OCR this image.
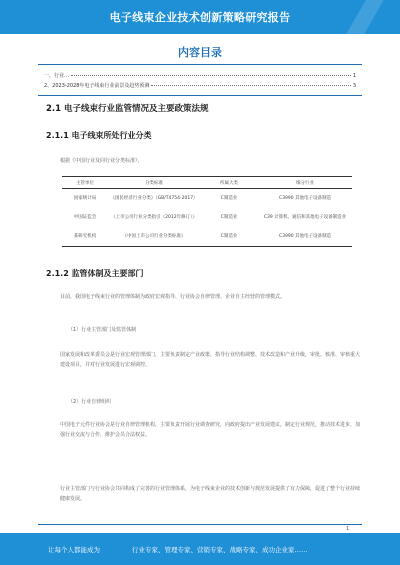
电子线束企业技术创新策略研究报告
内容目录
一、行业…	1
2、2023-2028年电子线束行业前景及趋势预测	3
2.1 电子线束行业监管情况及主要政策法规
2.1.1 电子线束所处行业分类
根据《中国行业及同行业分类标准》，
主管单位	分类标准	所属大类	细分行业
国家统计局	《国民经济行业分类》（GB/T4754-2017）	C制造业	C3990 其他电子设备制造
中国证监会	《上市公司行业分类指引（2012年修订）》	C制造业	C39 计算机、通信和其他电子设备制造业
某研究机构	《中国上市公司行业分类标准》	C制造业	C3990 其他电子设备制造
2.1.2 监管体制及主要部门
目前，我国电子线束行业的管理体制为政府宏观指导、行业协会自律管理、企业自主经营的管理模式。
（1）行业主管部门及监管体制
国家发展和改革委员会是行业宏观管理部门，主要负责制定产业政策，指导行业结构调整、技术改造和产业升级，审批、核准、审核重大建设项目，并对行业发展进行宏观调控。
（2）行业自律组织
中国电子元件行业协会是行业自律管理机构，主要负责开展行业调查研究，向政府提出产业发展建议，制定行业规范，推动技术进步，加强行业交流与合作，维护会员合法权益。
行业主管部门与行业协会共同构成了完善的行业管理体系，为电子线束企业的技术创新与规范发展提供了有力保障，促进了整个行业持续健康发展。
1
让每个人都能成为	行业专家、管理专家、营销专家、战略专家、成功企业家……
